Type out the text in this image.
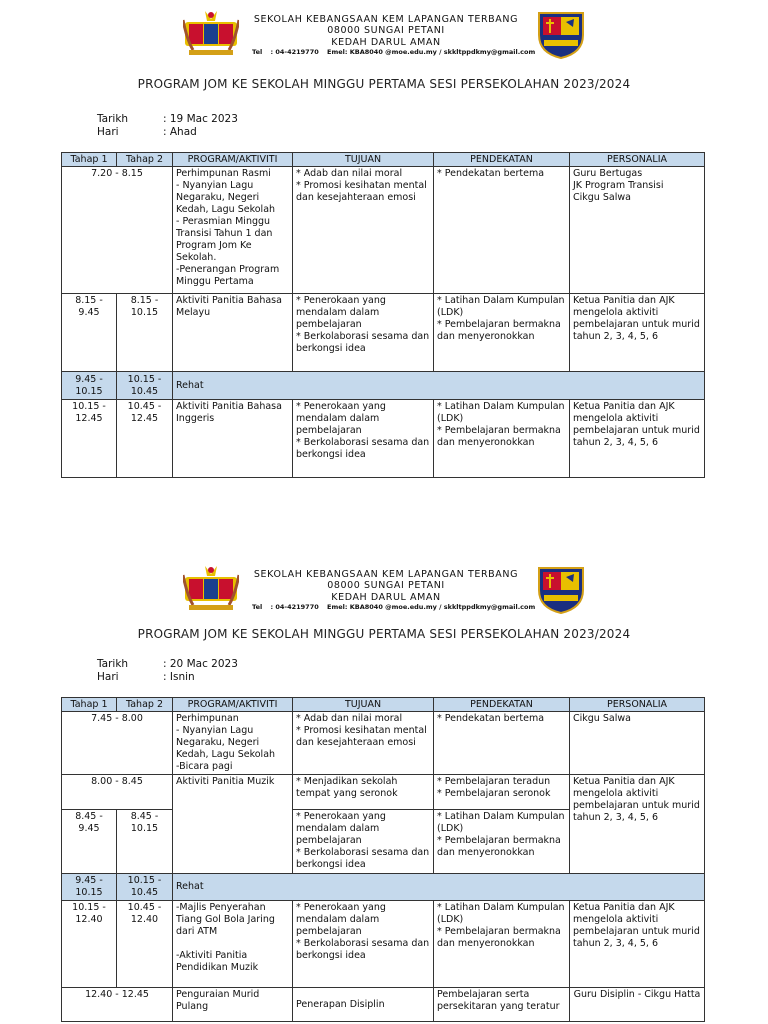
SEKOLAH KEBANGSAAN KEM LAPANGAN TERBANG
08000 SUNGAI PETANI
KEDAH DARUL AMAN
Tel : 04-4219770 Emel: KBA8040 @moe.edu.my / skkltppdkmy@gmail.com
PROGRAM JOM KE SEKOLAH MINGGU PERTAMA SESI PERSEKOLAHAN 2023/2024
Tarikh	: 19 Mac 2023
Hari	: Ahad
Tahap 1	Tahap 2	PROGRAM/AKTIVITI	TUJUAN	PENDEKATAN	PERSONALIA
7.20 - 8.15		Perhimpunan Rasmi
- Nyanyian Lagu Negaraku, Negeri Kedah, Lagu Sekolah
- Perasmian Minggu Transisi Tahun 1 dan Program Jom Ke Sekolah.
-Penerangan Program Minggu Pertama	* Adab dan nilai moral
* Promosi kesihatan mental dan kesejahteraan emosi	* Pendekatan bertema	Guru Bertugas
JK Program Transisi
Cikgu Salwa
8.15 -
9.45	8.15 -
10.15	Aktiviti Panitia Bahasa Melayu	* Penerokaan yang mendalam dalam pembelajaran
* Berkolaborasi sesama dan berkongsi idea	* Latihan Dalam Kumpulan (LDK)
* Pembelajaran bermakna dan menyeronokkan	Ketua Panitia dan AJK mengelola aktiviti pembelajaran untuk murid tahun 2, 3, 4, 5, 6
9.45 -
10.15	10.15 -
10.45	Rehat			
10.15 -
12.45	10.45 -
12.45	Aktiviti Panitia Bahasa Inggeris	* Penerokaan yang mendalam dalam pembelajaran
* Berkolaborasi sesama dan berkongsi idea	* Latihan Dalam Kumpulan (LDK)
* Pembelajaran bermakna dan menyeronokkan	Ketua Panitia dan AJK mengelola aktiviti pembelajaran untuk murid tahun 2, 3, 4, 5, 6
SEKOLAH KEBANGSAAN KEM LAPANGAN TERBANG
08000 SUNGAI PETANI
KEDAH DARUL AMAN
Tel : 04-4219770 Emel: KBA8040 @moe.edu.my / skkltppdkmy@gmail.com
PROGRAM JOM KE SEKOLAH MINGGU PERTAMA SESI PERSEKOLAHAN 2023/2024
Tarikh	: 20 Mac 2023
Hari	: Isnin
Tahap 1	Tahap 2	PROGRAM/AKTIVITI	TUJUAN	PENDEKATAN	PERSONALIA
7.45 - 8.00		Perhimpunan
- Nyanyian Lagu Negaraku, Negeri Kedah, Lagu Sekolah
-Bicara pagi	* Adab dan nilai moral
* Promosi kesihatan mental dan kesejahteraan emosi	* Pendekatan bertema	Cikgu Salwa
8.00 - 8.45		Aktiviti Panitia Muzik	* Menjadikan sekolah tempat yang seronok	* Pembelajaran teradun
* Pembelajaran seronok	Ketua Panitia dan AJK mengelola aktiviti pembelajaran untuk murid tahun 2, 3, 4, 5, 6
8.45 -
9.45	8.45 -
10.15		* Penerokaan yang mendalam dalam pembelajaran
* Berkolaborasi sesama dan berkongsi idea	* Latihan Dalam Kumpulan (LDK)
* Pembelajaran bermakna dan menyeronokkan	
9.45 -
10.15	10.15 -
10.45	Rehat			
10.15 -
12.40	10.45 -
12.40	-Majlis Penyerahan Tiang Gol Bola Jaring dari ATM

-Aktiviti Panitia Pendidikan Muzik	* Penerokaan yang mendalam dalam pembelajaran
* Berkolaborasi sesama dan berkongsi idea	* Latihan Dalam Kumpulan (LDK)
* Pembelajaran bermakna dan menyeronokkan	Ketua Panitia dan AJK mengelola aktiviti pembelajaran untuk murid tahun 2, 3, 4, 5, 6
12.40 - 12.45		Penguraian Murid Pulang	Penerapan Disiplin	Pembelajaran serta persekitaran yang teratur	Guru Disiplin - Cikgu Hatta
